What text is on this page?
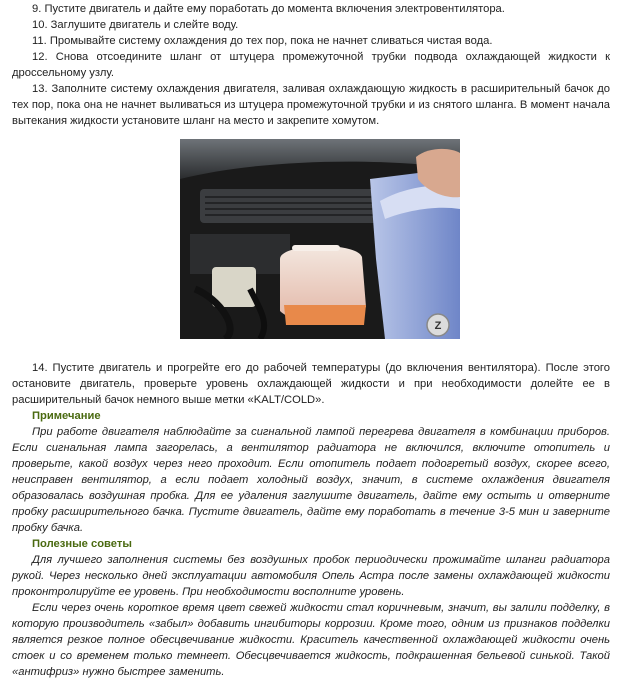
9. Пустите двигатель и дайте ему поработать до момента включения электровентилятора.

10. Заглушите двигатель и слейте воду.

11. Промывайте систему охлаждения до тех пор, пока не начнет сливаться чистая вода.

12. Снова отсоедините шланг от штуцера промежуточной трубки подвода охлаждающей жидкости к дроссельному узлу.

13. Заполните систему охлаждения двигателя, заливая охлаждающую жидкость в расширительный бачок до тех пор, пока она не начнет выливаться из штуцера промежуточной трубки и из снятого шланга. В момент начала вытекания жидкости установите шланг на место и закрепите хомутом.

Z

14. Пустите двигатель и прогрейте его до рабочей температуры (до включения вентилятора). После этого остановите двигатель, проверьте уровень охлаждающей жидкости и при необходимости долейте ее в расширительный бачок немного выше метки «KALT/COLD».

Примечание

При работе двигателя наблюдайте за сигнальной лампой перегрева двигателя в комбинации приборов. Если сигнальная лампа загорелась, а вентилятор радиатора не включился, включите отопитель и проверьте, какой воздух через него проходит. Если отопитель подает подогретый воздух, скорее всего, неисправен вентилятор, а если подает холодный воздух, значит, в системе охлаждения двигателя образовалась воздушная пробка. Для ее удаления заглушите двигатель, дайте ему остыть и отверните пробку расширительного бачка. Пустите двигатель, дайте ему поработать в течение 3-5 мин и заверните пробку бачка.

Полезные советы

Для лучшего заполнения системы без воздушных пробок периодически прожимайте шланги радиатора рукой. Через несколько дней эксплуатации автомобиля Опель Астра после замены охлаждающей жидкости проконтролируйте ее уровень. При необходимости восполните уровень.

Если через очень короткое время цвет свежей жидкости стал коричневым, значит, вы залили подделку, в которую производитель «забыл» добавить ингибиторы коррозии. Кроме того, одним из признаков подделки является резкое полное обесцвечивание жидкости. Краситель качественной охлаждающей жидкости очень стоек и со временем только темнеет. Обесцвечивается жидкость, подкрашенная бельевой синькой. Такой «антифриз» нужно быстрее заменить.
